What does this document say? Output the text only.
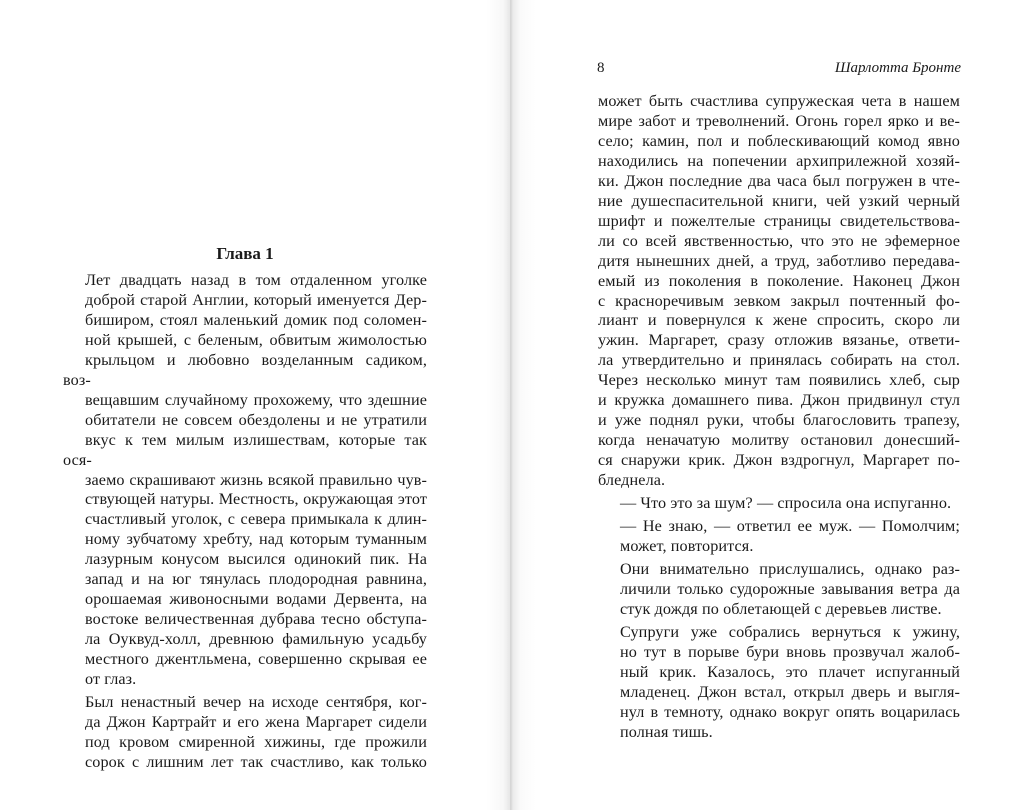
Глава 1

Лет двадцать назад в том отдаленном уголке
доброй старой Англии, который именуется Дер-
биширом, стоял маленький домик под соломен-
ной крышей, с беленым, обвитым жимолостью
крыльцом и любовно возделанным садиком, воз-
вещавшим случайному прохожему, что здешние
обитатели не совсем обездолены и не утратили
вкус к тем милым излишествам, которые так ося-
заемо скрашивают жизнь всякой правильно чув-
ствующей натуры. Местность, окружающая этот
счастливый уголок, с севера примыкала к длин-
ному зубчатому хребту, над которым туманным
лазурным конусом высился одинокий пик. На
запад и на юг тянулась плодородная равнина,
орошаемая живоносными водами Дервента, на
востоке величественная дубрава тесно обступа-
ла Оуквуд-холл, древнюю фамильную усадьбу
местного джентльмена, совершенно скрывая ее
от глаз.

Был ненастный вечер на исходе сентября, ког-
да Джон Картрайт и его жена Маргарет сидели
под кровом смиренной хижины, где прожили
сорок с лишним лет так счастливо, как только

8	Шарлотта Бронте

может быть счастлива супружеская чета в нашем
мире забот и треволнений. Огонь горел ярко и ве-
село; камин, пол и поблескивающий комод явно
находились на попечении архиприлежной хозяй-
ки. Джон последние два часа был погружен в чте-
ние душеспасительной книги, чей узкий черный
шрифт и пожелтелые страницы свидетельствова-
ли со всей явственностью, что это не эфемерное
дитя нынешних дней, а труд, заботливо передава-
емый из поколения в поколение. Наконец Джон
с красноречивым зевком закрыл почтенный фо-
лиант и повернулся к жене спросить, скоро ли
ужин. Маргарет, сразу отложив вязанье, ответи-
ла утвердительно и принялась собирать на стол.
Через несколько минут там появились хлеб, сыр
и кружка домашнего пива. Джон придвинул стул
и уже поднял руки, чтобы благословить трапезу,
когда неначатую молитву остановил донесший-
ся снаружи крик. Джон вздрогнул, Маргарет по-
бледнела.

— Что это за шум? — спросила она испуганно.

— Не знаю, — ответил ее муж. — Помолчим;
может, повторится.

Они внимательно прислушались, однако раз-
личили только судорожные завывания ветра да
стук дождя по облетающей с деревьев листве.

Супруги уже собрались вернуться к ужину,
но тут в порыве бури вновь прозвучал жалоб-
ный крик. Казалось, это плачет испуганный
младенец. Джон встал, открыл дверь и выгля-
нул в темноту, однако вокруг опять воцарилась
полная тишь.
